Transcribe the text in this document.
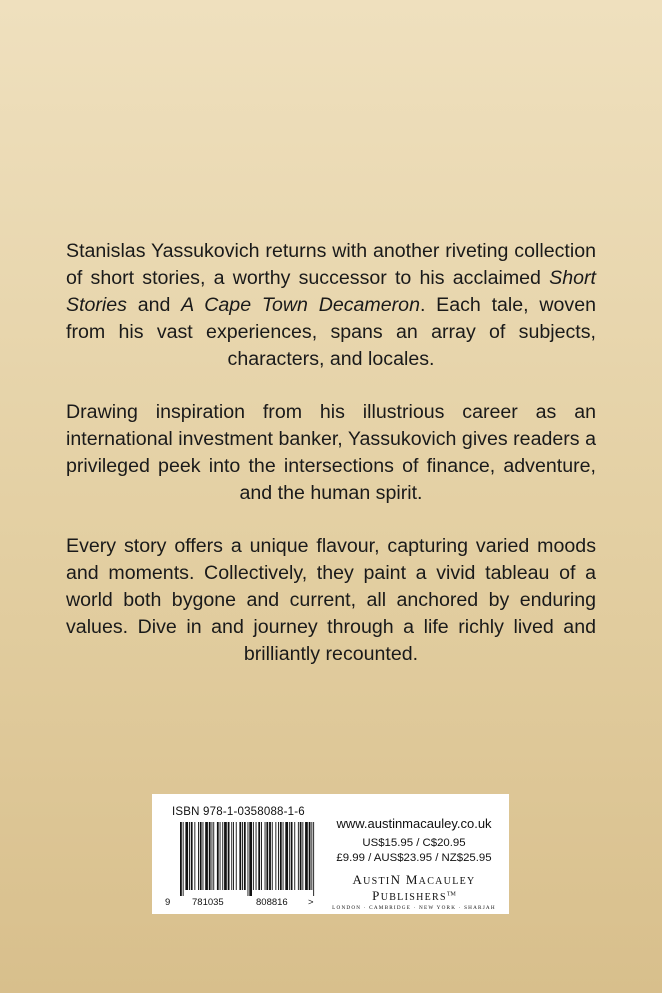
Stanislas Yassukovich returns with another riveting collection of short stories, a worthy successor to his acclaimed Short Stories and A Cape Town Decameron. Each tale, woven from his vast experiences, spans an array of subjects, characters, and locales.

Drawing inspiration from his illustrious career as an international investment banker, Yassukovich gives readers a privileged peek into the intersections of finance, adventure, and the human spirit.

Every story offers a unique flavour, capturing varied moods and moments. Collectively, they paint a vivid tableau of a world both bygone and current, all anchored by enduring values. Dive in and journey through a life richly lived and brilliantly recounted.

ISBN 978-1-0358088-1-6
9 781035	808816 >
www.austinmacauley.co.uk
US$15.95 / C$20.95
£9.99 / AUS$23.95 / NZ$25.95
AUSTIN MACAULEY PUBLISHERS™
LONDON · CAMBRIDGE · NEW YORK · SHARJAH
